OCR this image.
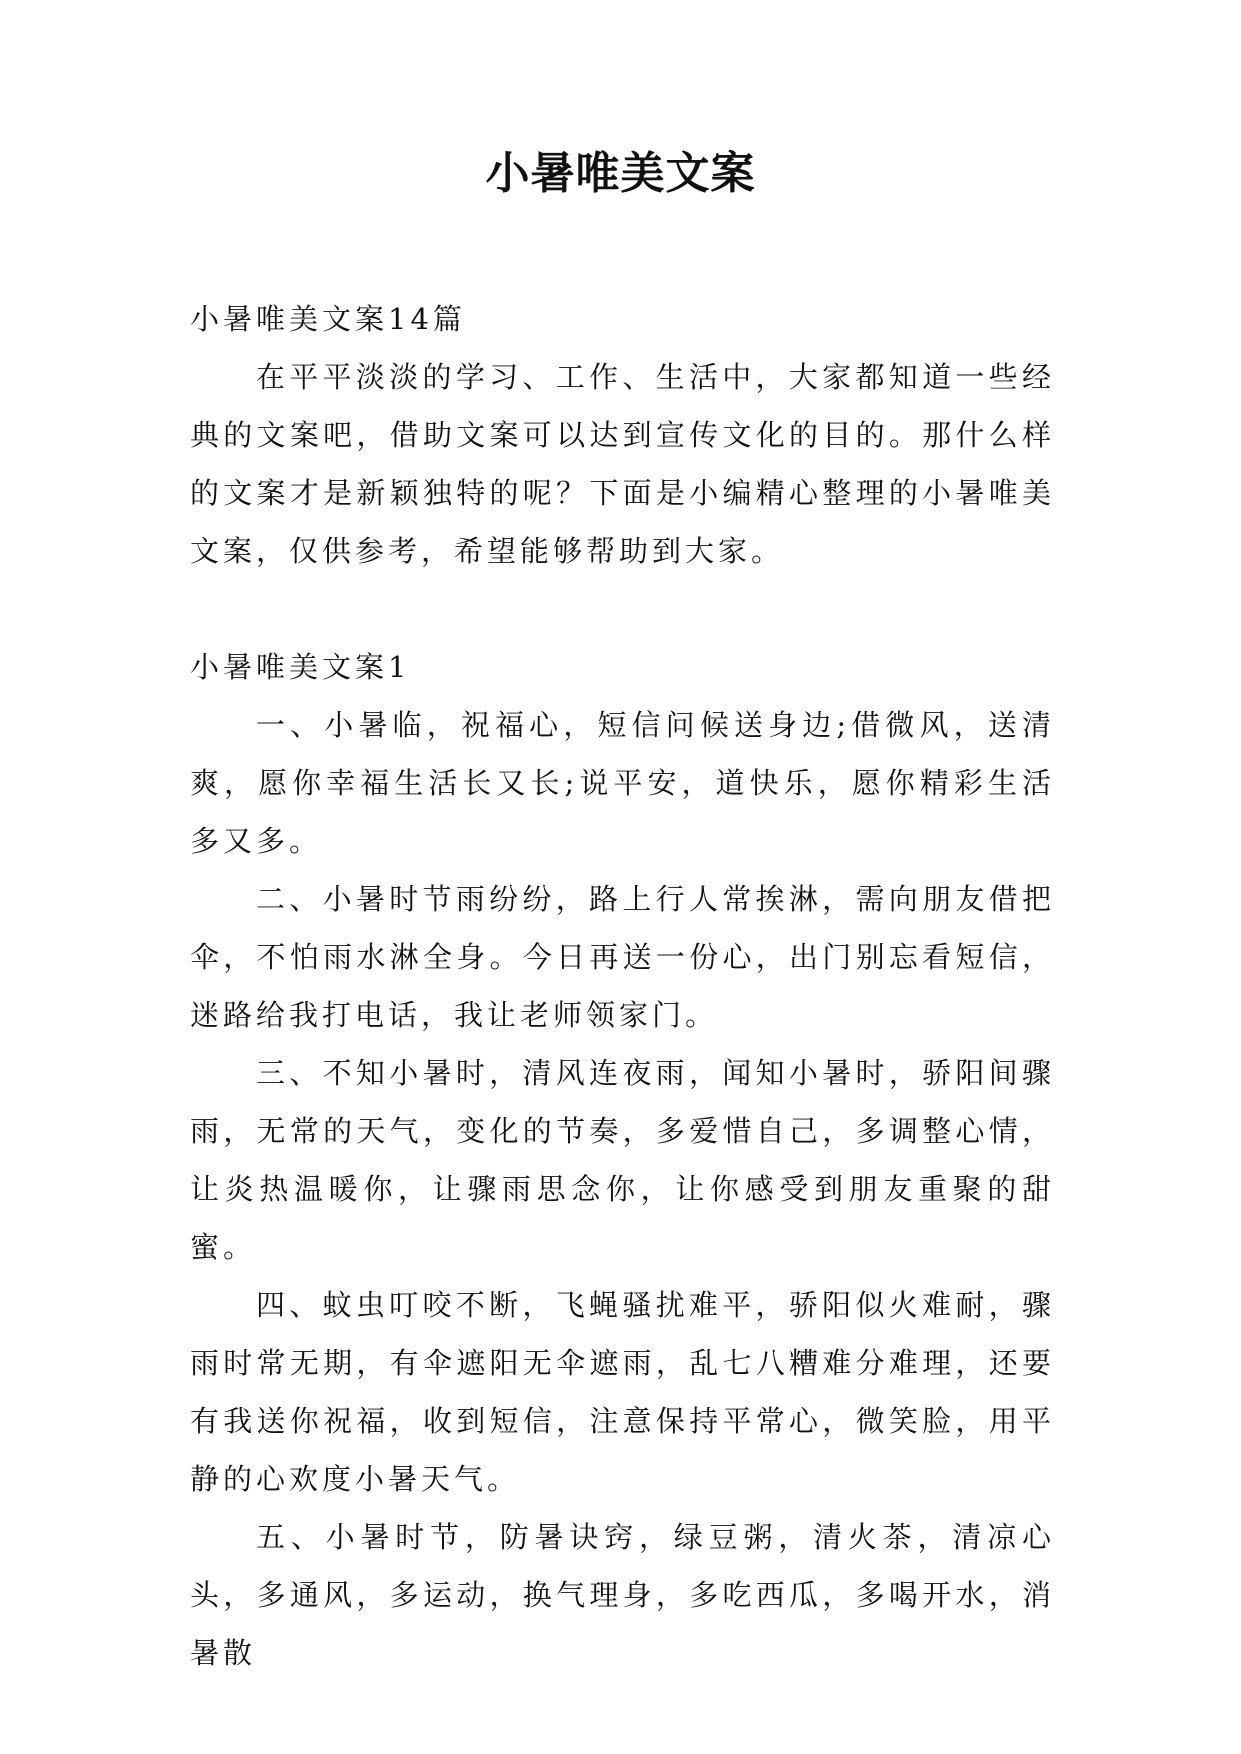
小暑唯美文案

小暑唯美文案14篇

在平平淡淡的学习、工作、生活中，大家都知道一些经典的文案吧，借助文案可以达到宣传文化的目的。那什么样的文案才是新颖独特的呢？下面是小编精心整理的小暑唯美文案，仅供参考，希望能够帮助到大家。

小暑唯美文案1

一、小暑临，祝福心，短信问候送身边;借微风，送清爽，愿你幸福生活长又长;说平安，道快乐，愿你精彩生活多又多。

二、小暑时节雨纷纷，路上行人常挨淋，需向朋友借把伞，不怕雨水淋全身。今日再送一份心，出门别忘看短信，迷路给我打电话，我让老师领家门。

三、不知小暑时，清风连夜雨，闻知小暑时，骄阳间骤雨，无常的天气，变化的节奏，多爱惜自己，多调整心情，让炎热温暖你，让骤雨思念你，让你感受到朋友重聚的甜蜜。

四、蚊虫叮咬不断，飞蝇骚扰难平，骄阳似火难耐，骤雨时常无期，有伞遮阳无伞遮雨，乱七八糟难分难理，还要有我送你祝福，收到短信，注意保持平常心，微笑脸，用平静的心欢度小暑天气。

五、小暑时节，防暑诀窍，绿豆粥，清火茶，清凉心头，多通风，多运动，换气理身，多吃西瓜，多喝开水，消暑散
